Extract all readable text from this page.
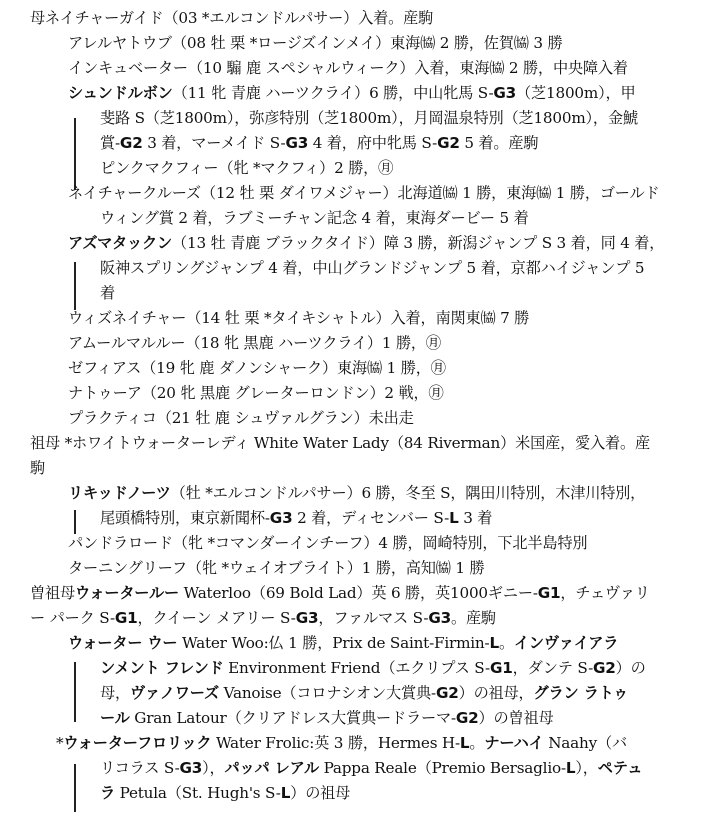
母ネイチャーガイド（03 *エルコンドルパサー）入着。産駒
アレルヤトウブ（08 牡 栗 *ロージズインメイ）東海㈿ 2 勝，佐賀㈿ 3 勝
インキュベーター（10 騸 鹿 スペシャルウィーク）入着，東海㈿ 2 勝，中央障入着
シュンドルボン（11 牝 青鹿 ハーツクライ）6 勝，中山牝馬 S-G3（芝1800m），甲
斐路 S（芝1800m），弥彦特別（芝1800m），月岡温泉特別（芝1800m），金鯱
賞-G2 3 着，マーメイド S-G3 4 着，府中牝馬 S-G2 5 着。産駒
ピンクマクフィー（牝 *マクフィ）2 勝，㊊
ネイチャークルーズ（12 牡 栗 ダイワメジャー）北海道㈿ 1 勝，東海㈿ 1 勝，ゴールド
ウィング賞 2 着，ラブミーチャン記念 4 着，東海ダービー 5 着
アズマタックン（13 牡 青鹿 ブラックタイド）障 3 勝，新潟ジャンプ S 3 着，同 4 着，
阪神スプリングジャンプ 4 着，中山グランドジャンプ 5 着，京都ハイジャンプ 5
着
ウィズネイチャー（14 牡 栗 *タイキシャトル）入着，南関東㈿ 7 勝
アムールマルルー（18 牝 黒鹿 ハーツクライ）1 勝，㊊
ゼフィアス（19 牝 鹿 ダノンシャーク）東海㈿ 1 勝，㊊
ナトゥーア（20 牝 黒鹿 グレーターロンドン）2 戦，㊊
プラクティコ（21 牡 鹿 シュヴァルグラン）未出走
祖母 *ホワイトウォーターレディ White Water Lady（84 Riverman）米国産，愛入着。産
駒
リキッドノーツ（牡 *エルコンドルパサー）6 勝，冬至 S，隅田川特別，木津川特別，
尾頭橋特別，東京新聞杯-G3 2 着，ディセンバー S-L 3 着
パンドラロード（牝 *コマンダーインチーフ）4 勝，岡崎特別，下北半島特別
ターニングリーフ（牝 *ウェイオブライト）1 勝，高知㈿ 1 勝
曽祖母ウォータールー Waterloo（69 Bold Lad）英 6 勝，英1000ギニー-G1，チェヴァリ
ー パーク S-G1，クイーン メアリー S-G3，ファルマス S-G3。産駒
ウォーター ウー Water Woo:仏 1 勝，Prix de Saint-Firmin-L。インヴァイアラ
ンメント フレンド Environment Friend（エクリプス S-G1，ダンテ S-G2）の
母，ヴァノワーズ Vanoise（コロナシオン大賞典-G2）の祖母，グラン ラトゥ
ール Gran Latour（クリアドレス大賞典ードラーマ-G2）の曽祖母
*ウォーターフロリック Water Frolic:英 3 勝，Hermes H-L。ナーハイ Naahy（バ
リコラス S-G3），パッパ レアル Pappa Reale（Premio Bersaglio-L），ペテュ
ラ Petula（St. Hugh's S-L）の祖母
